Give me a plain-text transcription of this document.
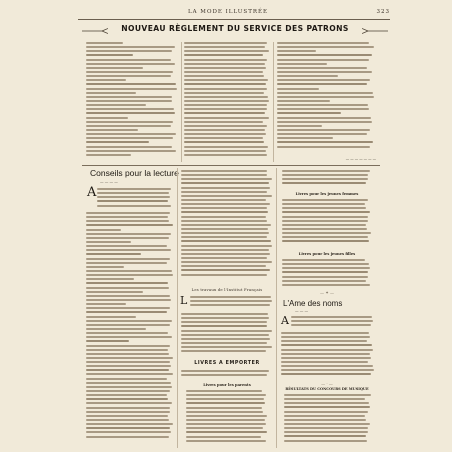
LA MODE ILLUSTRÉE	323
NOUVEAU RÈGLEMENT DU SERVICE DES PATRONS
— — — — — — —
Conseils pour la lecture
— — — —
A
Les travaux de l'Institut Français
L
LIVRES A EMPORTER
Livres pour les parents
Livres pour les jeunes femmes
Livres pour les jeunes filles
— ✦ —
L'Ame des noms
— — —
A
— · —
RÉSULTATS DU CONCOURS DE MUSIQUE
